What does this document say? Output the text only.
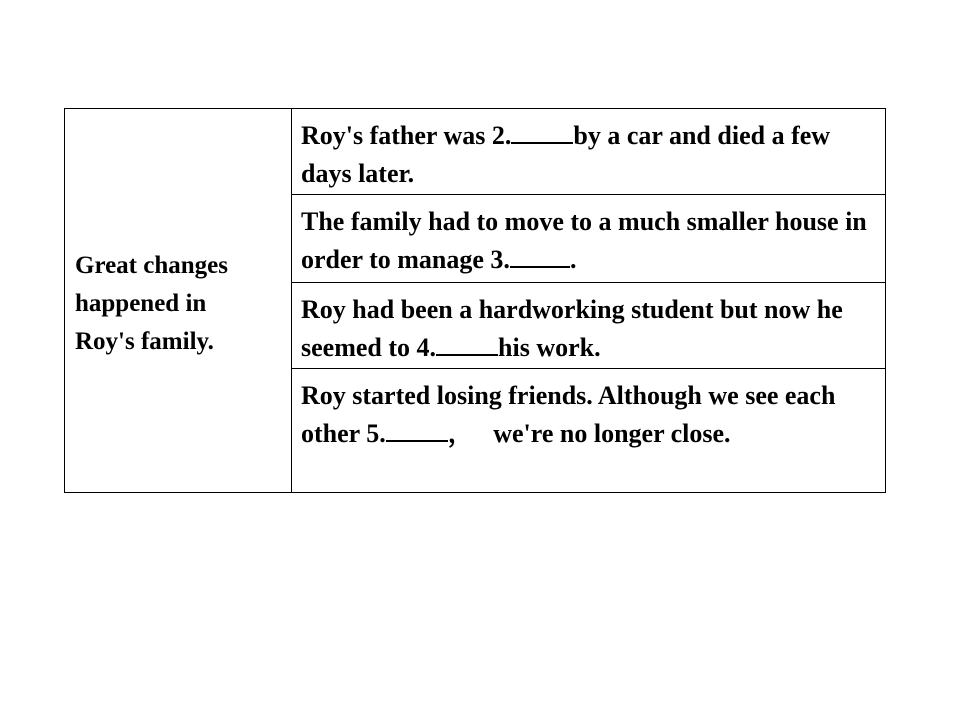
Great changes
happened in
Roy's family.
Roy's father was 2. by a car and died a few days later.
The family had to move to a much smaller house in order to manage 3. .
Roy had been a hardworking student but now he seemed to 4. his work.
Roy started losing friends. Although we see each other 5. ，   we're no longer close.
